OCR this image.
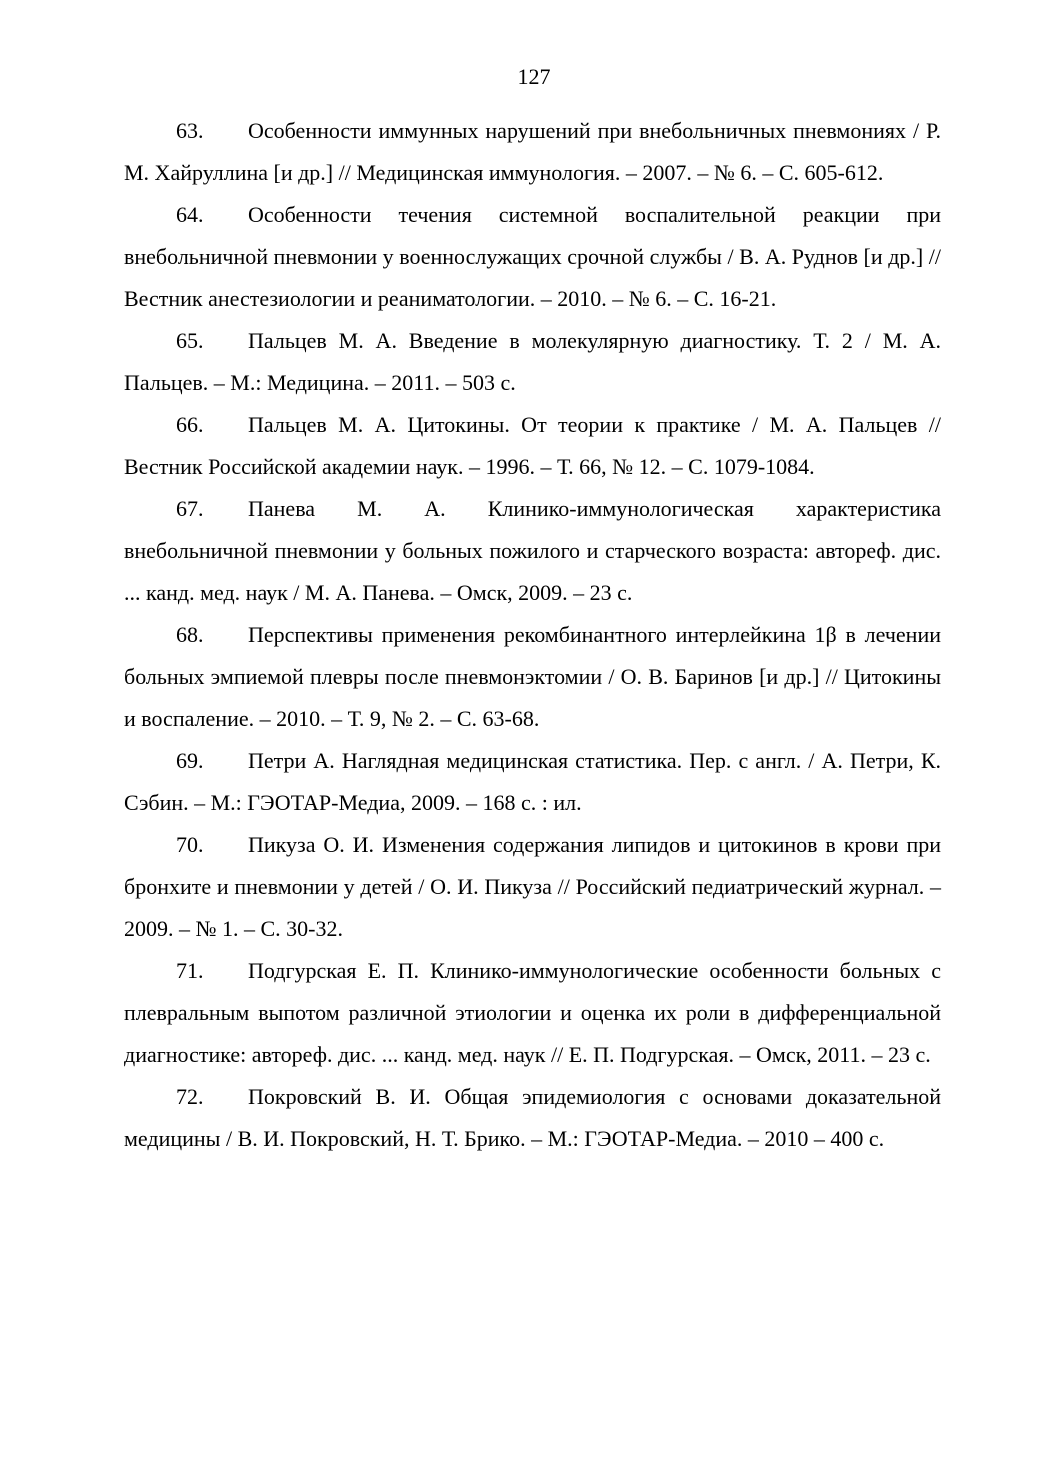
127

63. Особенности иммунных нарушений при внебольничных пневмониях / Р. М. Хайруллина [и др.] // Медицинская иммунология. – 2007. – № 6. – С. 605-612.

64. Особенности течения системной воспалительной реакции при внебольничной пневмонии у военнослужащих срочной службы / В. А. Руднов [и др.] // Вестник анестезиологии и реаниматологии. – 2010. – № 6. – С. 16-21.

65. Пальцев М. А. Введение в молекулярную диагностику. Т. 2 / М. А. Пальцев. – М.: Медицина. – 2011. – 503 с.

66. Пальцев М. А. Цитокины. От теории к практике / М. А. Пальцев // Вестник Российской академии наук. – 1996. – Т. 66, № 12. – С. 1079-1084.

67. Панева М. А. Клинико-иммунологическая характеристика внебольничной пневмонии у больных пожилого и старческого возраста: автореф. дис. ... канд. мед. наук / М. А. Панева. – Омск, 2009. – 23 с.

68. Перспективы применения рекомбинантного интерлейкина 1β в лечении больных эмпиемой плевры после пневмонэктомии / О. В. Баринов [и др.] // Цитокины и воспаление. – 2010. – Т. 9, № 2. – С. 63-68.

69. Петри А. Наглядная медицинская статистика. Пер. с англ. / А. Петри, К. Сэбин. – М.: ГЭОТАР-Медиа, 2009. – 168 с. : ил.

70. Пикуза О. И. Изменения содержания липидов и цитокинов в крови при бронхите и пневмонии у детей / О. И. Пикуза // Российский педиатрический журнал. – 2009. – № 1. – С. 30-32.

71. Подгурская Е. П. Клинико-иммунологические особенности больных с плевральным выпотом различной этиологии и оценка их роли в дифференциальной диагностике: автореф. дис. ... канд. мед. наук // Е. П. Подгурская. – Омск, 2011. – 23 с.

72. Покровский В. И. Общая эпидемиология с основами доказательной медицины / В. И. Покровский, Н. Т. Брико. – М.: ГЭОТАР-Медиа. – 2010 – 400 с.
